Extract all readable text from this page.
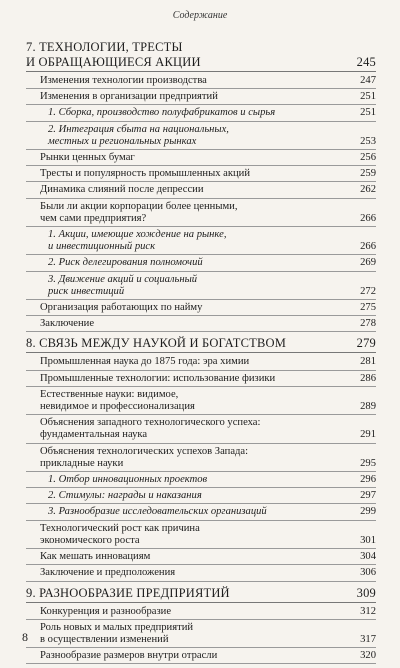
Содержание
7. ТЕХНОЛОГИИ, ТРЕСТЫ
И ОБРАЩАЮЩИЕСЯ АКЦИИ	245
Изменения технологии производства	247
Изменения в организации предприятий	251
1. Сборка, производство полуфабрикатов и сырья	251
2. Интеграция сбыта на национальных,
местных и региональных рынках	253
Рынки ценных бумаг	256
Тресты и популярность промышленных акций	259
Динамика слияний после депрессии	262
Были ли акции корпорации более ценными,
чем сами предприятия?	266
1. Акции, имеющие хождение на рынке,
и инвестиционный риск	266
2. Риск делегирования полномочий	269
3. Движение акций и социальный
риск инвестиций	272
Организация работающих по найму	275
Заключение	278
8. СВЯЗЬ МЕЖДУ НАУКОЙ И БОГАТСТВОМ	279
Промышленная наука до 1875 года: эра химии	281
Промышленные технологии: использование физики	286
Естественные науки: видимое,
невидимое и профессионализация	289
Объяснения западного технологического успеха:
фундаментальная наука	291
Объяснения технологических успехов Запада:
прикладные науки	295
1. Отбор инновационных проектов	296
2. Стимулы: награды и наказания	297
3. Разнообразие исследовательских организаций	299
Технологический рост как причина
экономического роста	301
Как мешать инновациям	304
Заключение и предположения	306
9. РАЗНООБРАЗИЕ ПРЕДПРИЯТИЙ	309
Конкуренция и разнообразие	312
Роль новых и малых предприятий
в осуществлении изменений	317
Разнообразие размеров внутри отрасли	320
8
